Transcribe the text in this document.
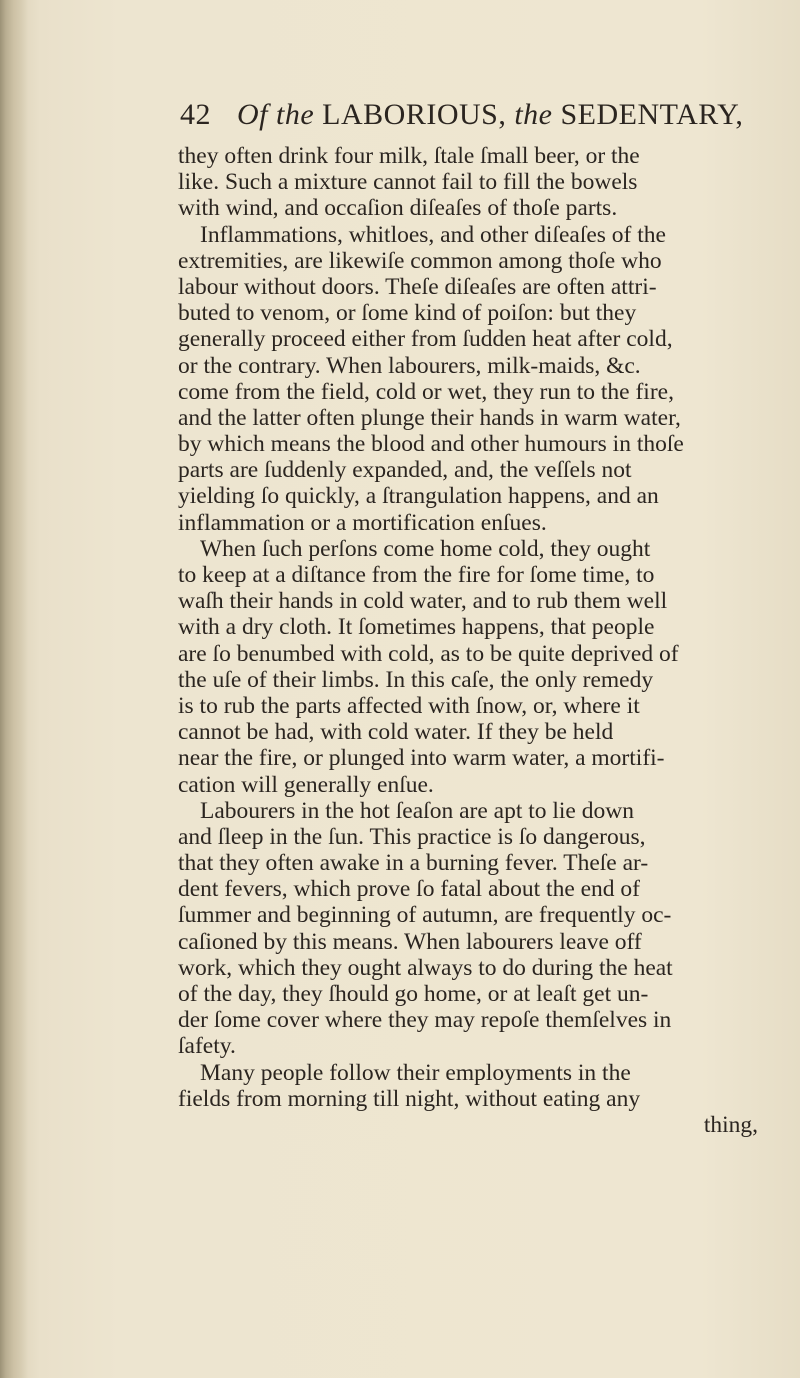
42 Of the LABORIOUS, the SEDENTARY,
they often drink four milk, ſtale ſmall beer, or the
like. Such a mixture cannot fail to fill the bowels
with wind, and occaſion diſeaſes of thoſe parts.
Inflammations, whitloes, and other diſeaſes of the
extremities, are likewiſe common among thoſe who
labour without doors. Theſe diſeaſes are often attri-
buted to venom, or ſome kind of poiſon: but they
generally proceed either from ſudden heat after cold,
or the contrary. When labourers, milk-maids, &c.
come from the field, cold or wet, they run to the fire,
and the latter often plunge their hands in warm water,
by which means the blood and other humours in thoſe
parts are ſuddenly expanded, and, the veſſels not
yielding ſo quickly, a ſtrangulation happens, and an
inflammation or a mortification enſues.
When ſuch perſons come home cold, they ought
to keep at a diſtance from the fire for ſome time, to
waſh their hands in cold water, and to rub them well
with a dry cloth. It ſometimes happens, that people
are ſo benumbed with cold, as to be quite deprived of
the uſe of their limbs. In this caſe, the only remedy
is to rub the parts affected with ſnow, or, where it
cannot be had, with cold water. If they be held
near the fire, or plunged into warm water, a mortifi-
cation will generally enſue.
Labourers in the hot ſeaſon are apt to lie down
and ſleep in the ſun. This practice is ſo dangerous,
that they often awake in a burning fever. Theſe ar-
dent fevers, which prove ſo fatal about the end of
ſummer and beginning of autumn, are frequently oc-
caſioned by this means. When labourers leave off
work, which they ought always to do during the heat
of the day, they ſhould go home, or at leaſt get un-
der ſome cover where they may repoſe themſelves in
ſafety.
Many people follow their employments in the
fields from morning till night, without eating any
thing,
